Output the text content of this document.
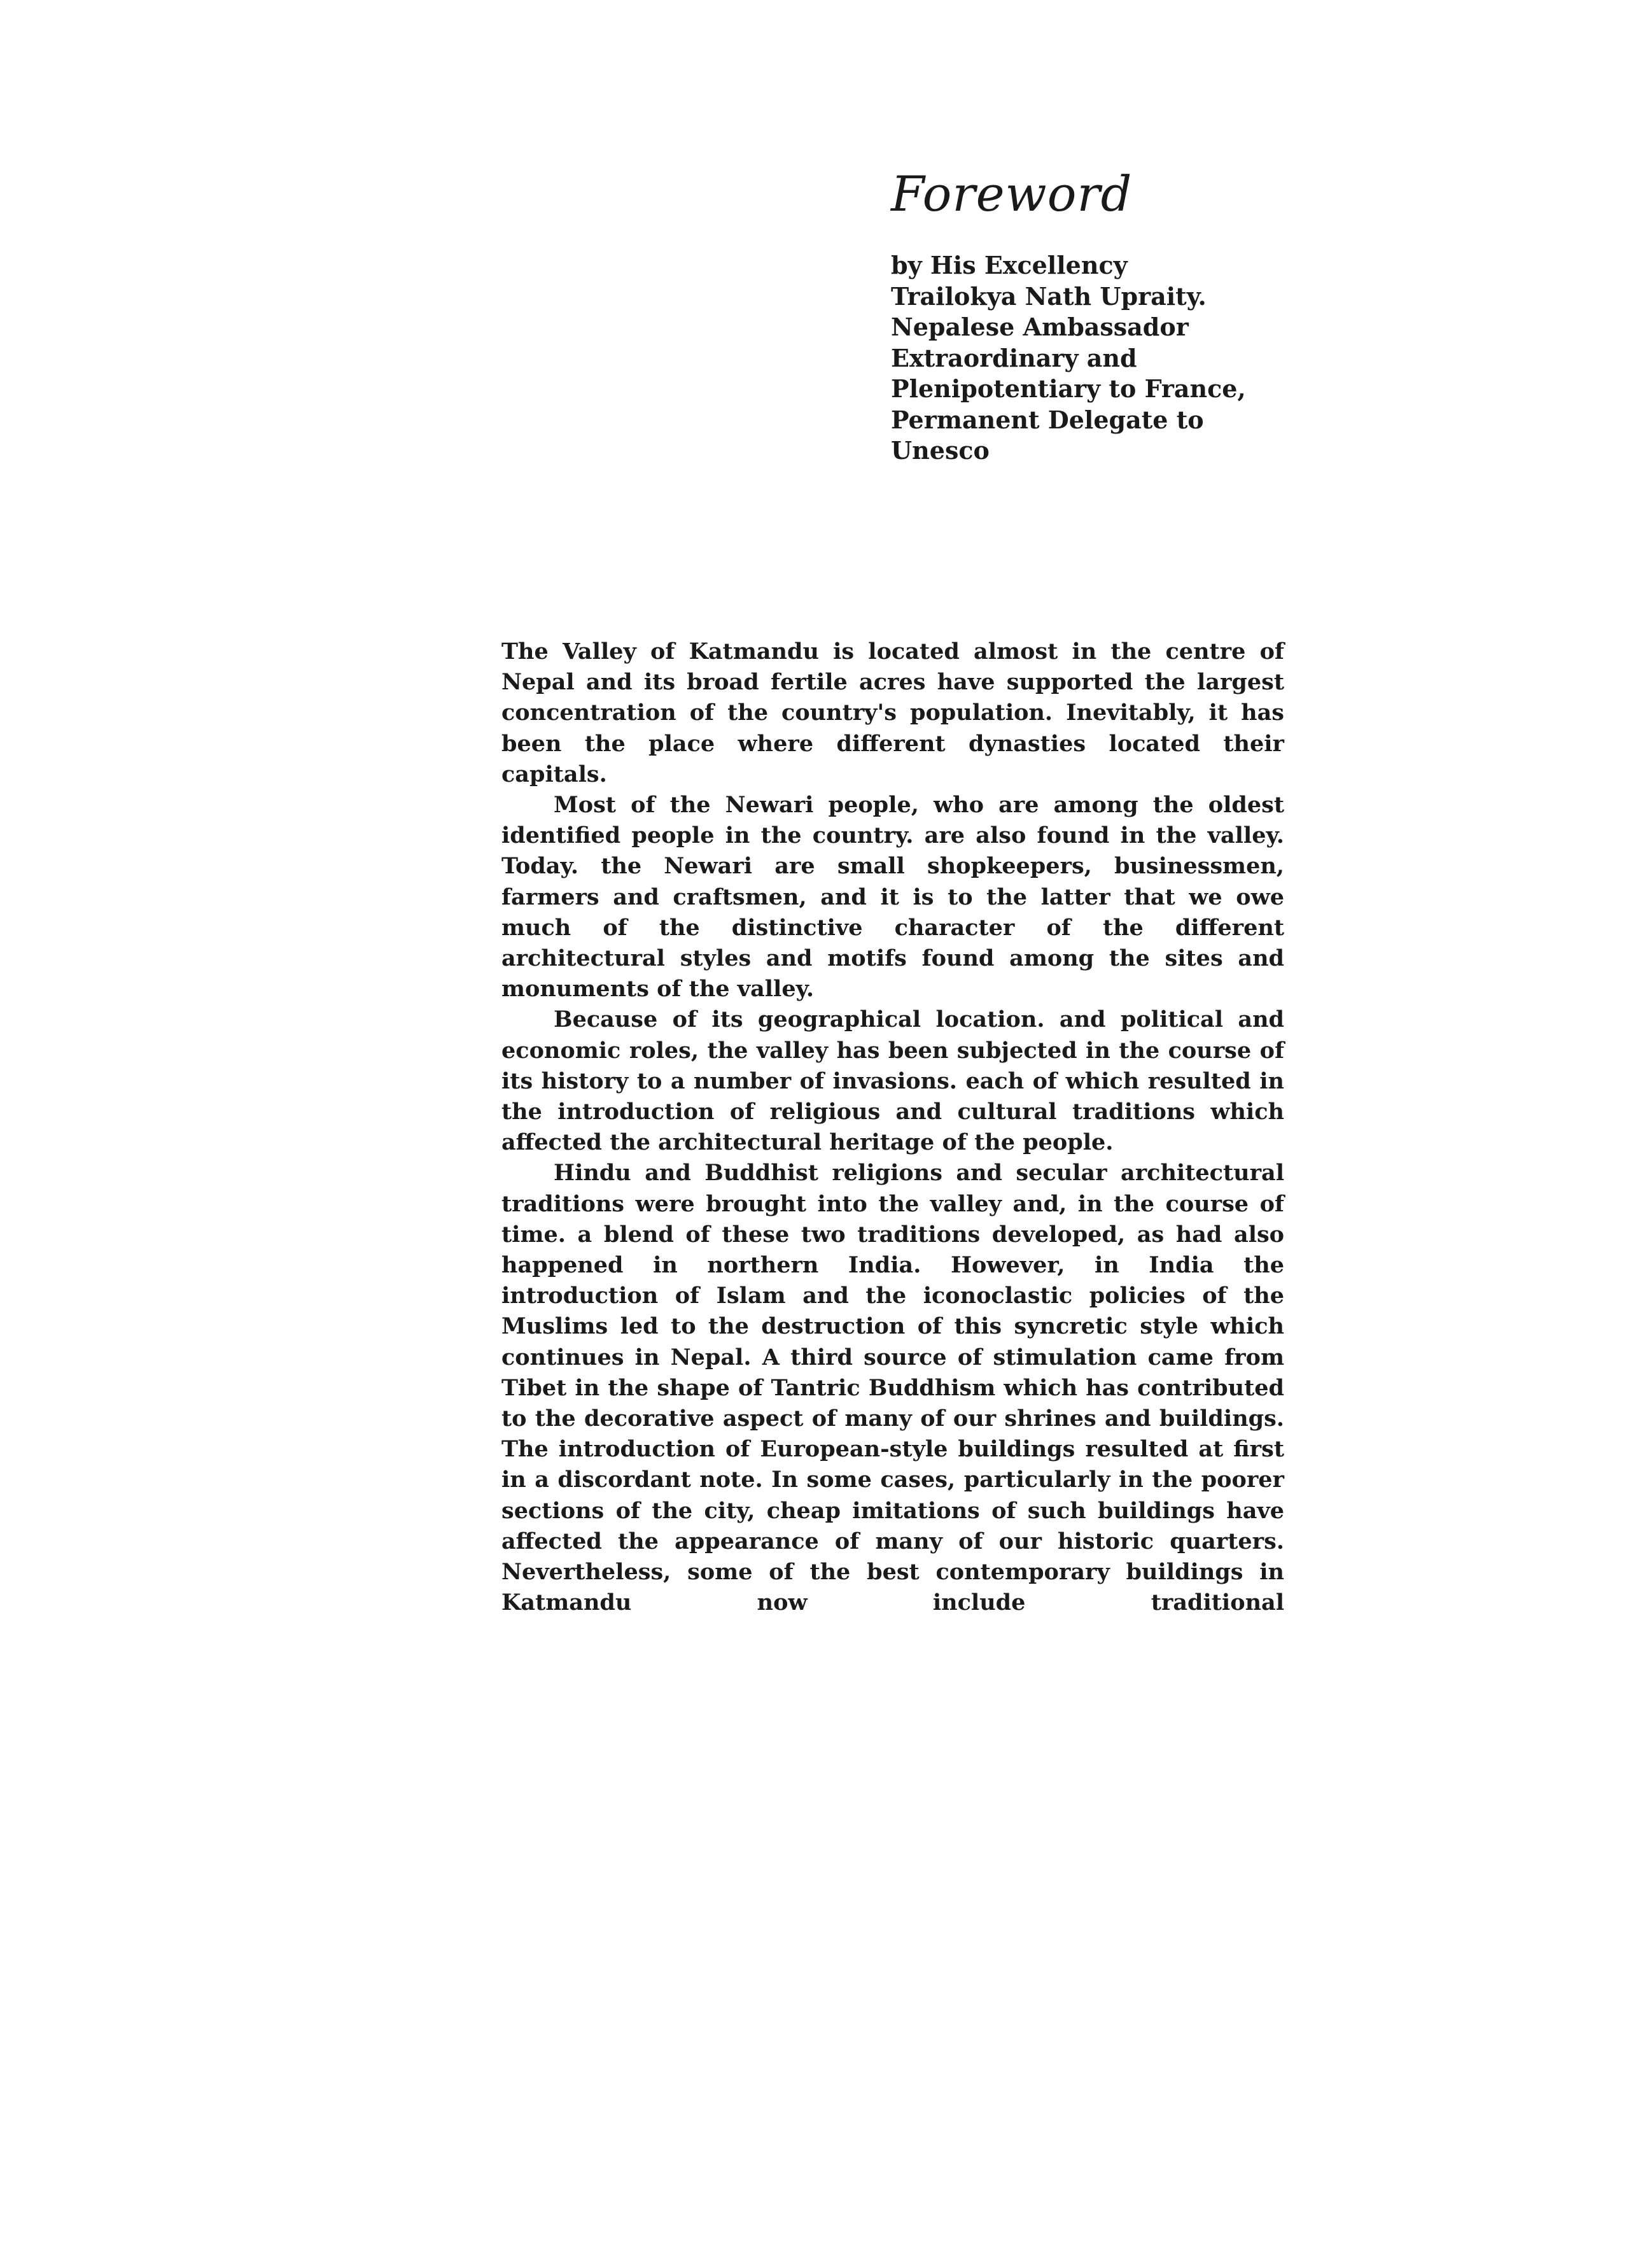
Foreword
by His Excellency
Trailokya Nath Upraity.
Nepalese Ambassador
Extraordinary and
Plenipotentiary to France,
Permanent Delegate to
Unesco

The Valley of Katmandu is located almost in the centre of Nepal and its broad fertile acres have supported the largest concentration of the country's population. Inevitably, it has been the place where different dynasties located their capitals.

Most of the Newari people, who are among the oldest identified people in the country. are also found in the valley. Today. the Newari are small shopkeepers, businessmen, farmers and craftsmen, and it is to the latter that we owe much of the distinctive character of the different architectural styles and motifs found among the sites and monuments of the valley.

Because of its geographical location. and political and economic roles, the valley has been subjected in the course of its history to a number of invasions. each of which resulted in the introduction of religious and cultural traditions which affected the architectural heritage of the people.

Hindu and Buddhist religions and secular architectural traditions were brought into the valley and, in the course of time. a blend of these two traditions developed, as had also happened in northern India. However, in India the introduction of Islam and the iconoclastic policies of the Muslims led to the destruction of this syncretic style which continues in Nepal. A third source of stimulation came from Tibet in the shape of Tantric Buddhism which has contributed to the decorative aspect of many of our shrines and buildings. The introduction of European-style buildings resulted at first in a discordant note. In some cases, particularly in the poorer sections of the city, cheap imitations of such buildings have affected the appearance of many of our historic quarters. Nevertheless, some of the best contemporary buildings in Katmandu now include traditional
